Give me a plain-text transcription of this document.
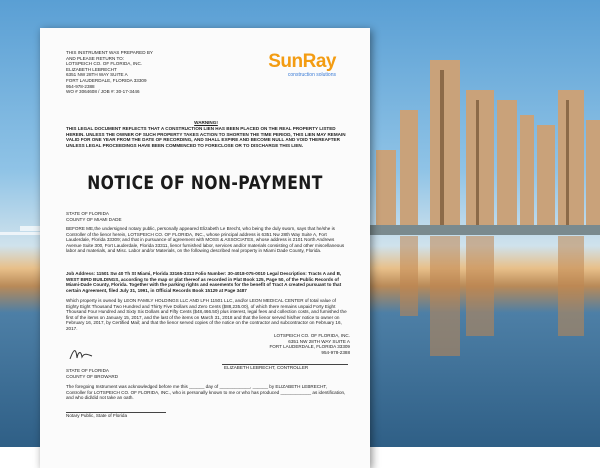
THIS INSTRUMENT WAS PREPARED BY
AND PLEASE RETURN TO:
LOTSPEICH CO. OF FLORIDA, INC.
ELIZABETH LEBRECHT
6351 NW 28TH WAY SUITE A
FORT LAUDERDALE, FLORIDA 33309
954-978-2388
WO # 3064608 / JOB #: 30-17-3446
SunRay
construction solutions
WARNING!
THIS LEGAL DOCUMENT REFLECTS THAT A CONSTRUCTION LIEN HAS BEEN PLACED ON THE REAL PROPERTY LISTED HEREIN. UNLESS THE OWNER OF SUCH PROPERTY TAKES ACTION TO SHORTEN THE TIME PERIOD, THIS LIEN MAY REMAIN VALID FOR ONE YEAR FROM THE DATE OF RECORDING, AND SHALL EXPIRE AND BECOME NULL AND VOID THEREAFTER UNLESS LEGAL PROCEEDINGS HAVE BEEN COMMENCED TO FORECLOSE OR TO DISCHARGE THIS LIEN.
NOTICE OF NON-PAYMENT
STATE OF FLORIDA
COUNTY OF MIAMI DADE
BEFORE ME,the undersigned notary public, personally appeared Elizabeth Le Brecht, who being the duly sworn, says that he/she is Controller of the lienor herein, LOTSPEICH CO. OF FLORIDA, INC., whose principal address is 6351 Nw 28th Way Suite A, Fort Lauderdale, Florida 33309; and that in pursuance of agreement with MOSS & ASSOCIATES, whose address is 2101 North Andrews Avenue Suite 300, Fort Lauderdale, Florida 33311, lienor furnished labor, services and/or materials consisting of and other miscellaneous labor and materials, and Misc. Labor and/or Materials, on the following described real property in Miami Dade County, Florida.
Job Address: 11501 Sw 40 Th St Miami, Florida 33165-3313 Folio Number: 30-4018-075-0010 Legal Description: Tracts A and B, WEST BIRD BUILDINGS, according to the map or plat thereof as recorded in Plat Book 125, Page 50, of the Public Records of Miami-Dade County, Florida. Together with the parking rights and easements for the benefit of Tract A created pursuant to that certain Agreement, filed July 31, 1991, in Official Records Book 15129 at Page 3487
Which property is owned by LEON FAMILY HOLDINGS LLC AND LFH 11501 LLC, and/or LEON MEDICAL CENTER of total value of Eighty Eight Thousand Two Hundred and Thirty Five Dollars and Zero Cents ($88,235.00), of which there remains unpaid Forty Eight Thousand Four Hundred and Sixty Six Dollars and Fifty Cents ($48,466.50) plus interest, legal fees and collection costs, and furnished the first of the items on January 15, 2017, and the last of the items on March 31, 2018 and that the lienor served his/her notice to owner on February 16, 2017, by Certified Mail; and that the lienor served copies of the notice on the contractor and subcontractor on February 16, 2017.
LOTSPEICH CO. OF FLORIDA, INC.
6351 NW 28TH WAY SUITE A
FORT LAUDERDALE, FLORIDA 33309
954-978-2388
ELIZABETH LEBRECHT, CONTROLLER
STATE OF FLORIDA
COUNTY OF BROWARD
The foregoing Instrument was acknowledged before me this ______ day of ____________, ______ by ELIZABETH LEBRECHT, Controller for LOTSPEICH CO. OF FLORIDA, INC., who is personally known to me or who has produced ____________ as identification, and who did/did not take an oath.
Notary Public, State of Florida
